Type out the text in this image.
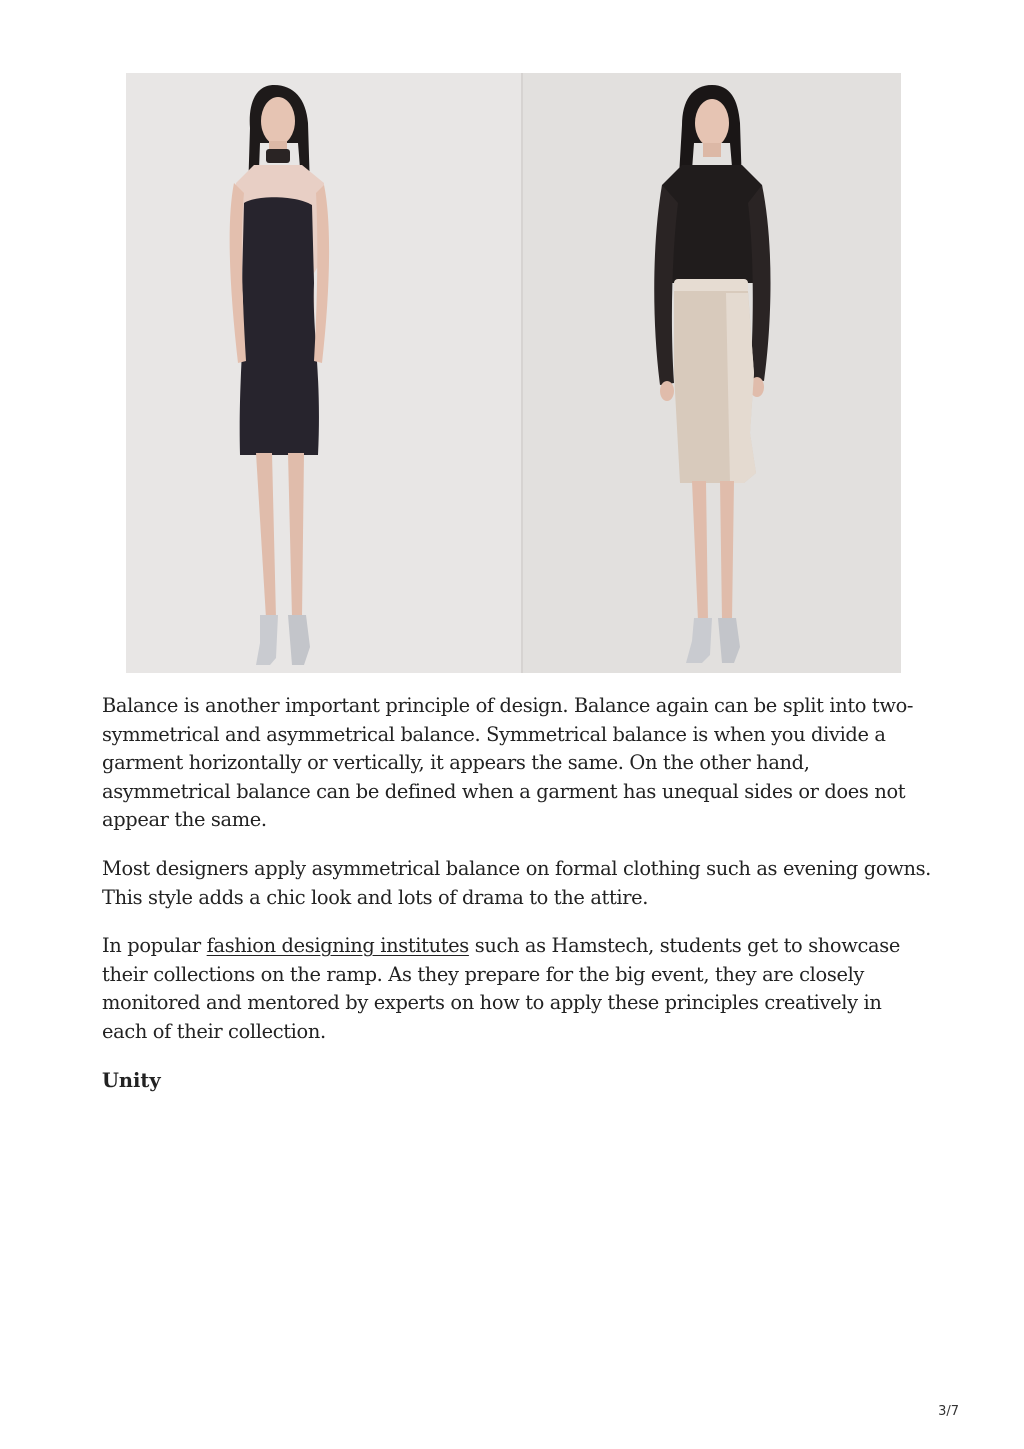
Balance is another important principle of design. Balance again can be split into two-symmetrical and asymmetrical balance. Symmetrical balance is when you divide a garment horizontally or vertically, it appears the same. On the other hand, asymmetrical balance can be defined when a garment has unequal sides or does not appear the same.

Most designers apply asymmetrical balance on formal clothing such as evening gowns. This style adds a chic look and lots of drama to the attire.

In popular fashion designing institutes such as Hamstech, students get to showcase their collections on the ramp. As they prepare for the big event, they are closely monitored and mentored by experts on how to apply these principles creatively in each of their collection.

Unity
3/7
